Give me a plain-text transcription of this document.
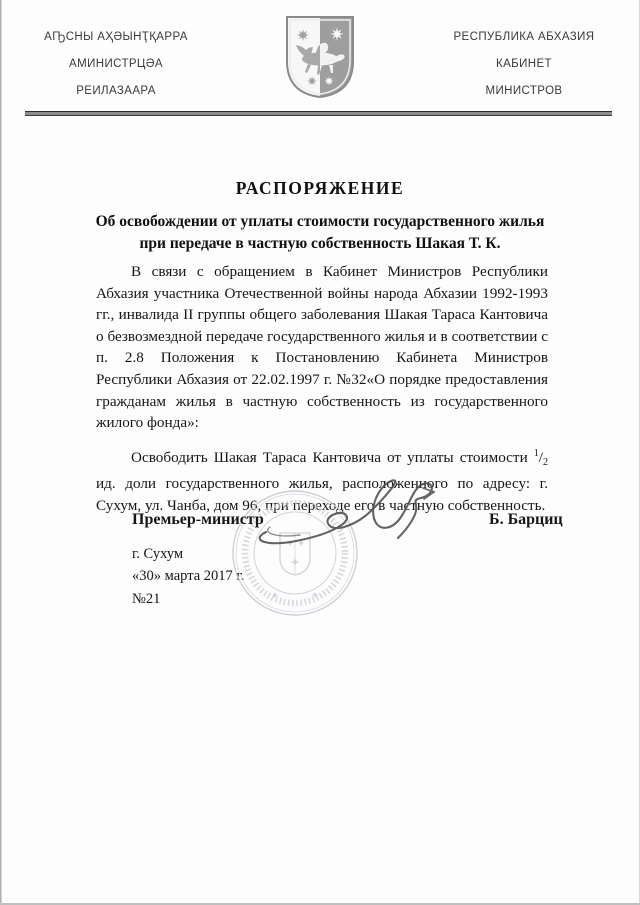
АҦСНЫ АҲӘЫНҬҚАРРА
АМИНИСТРЦӘА
РЕИЛАЗААРА
РЕСПУБЛИКА АБХАЗИЯ
КАБИНЕТ
МИНИСТРОВ
РАСПОРЯЖЕНИЕ
Об освобождении от уплаты стоимости государственного жилья при передаче в частную собственность Шакая Т. К.

В связи с обращением в Кабинет Министров Республики Абхазия участника Отечественной войны народа Абхазии 1992-1993 гг., инвалида II группы общего заболевания Шакая Тараса Кантовича о безвозмездной передаче государственного жилья и в соответствии с п. 2.8 Положения к Постановлению Кабинета Министров Республики Абхазия от 22.02.1997 г. №32«О порядке предоставления гражданам жилья в частную собственность из государственного жилого фонда»:

Освободить Шакая Тараса Кантовича от уплаты стоимости $^1/_2$ ид. доли государственного жилья, расположенного по адресу: г. Сухум, ул. Чанба, дом 96, при переходе его в частную собственность.

Премьер-министр	Б. Барциц
г. Сухум
«30» марта 2017 г.
№21
